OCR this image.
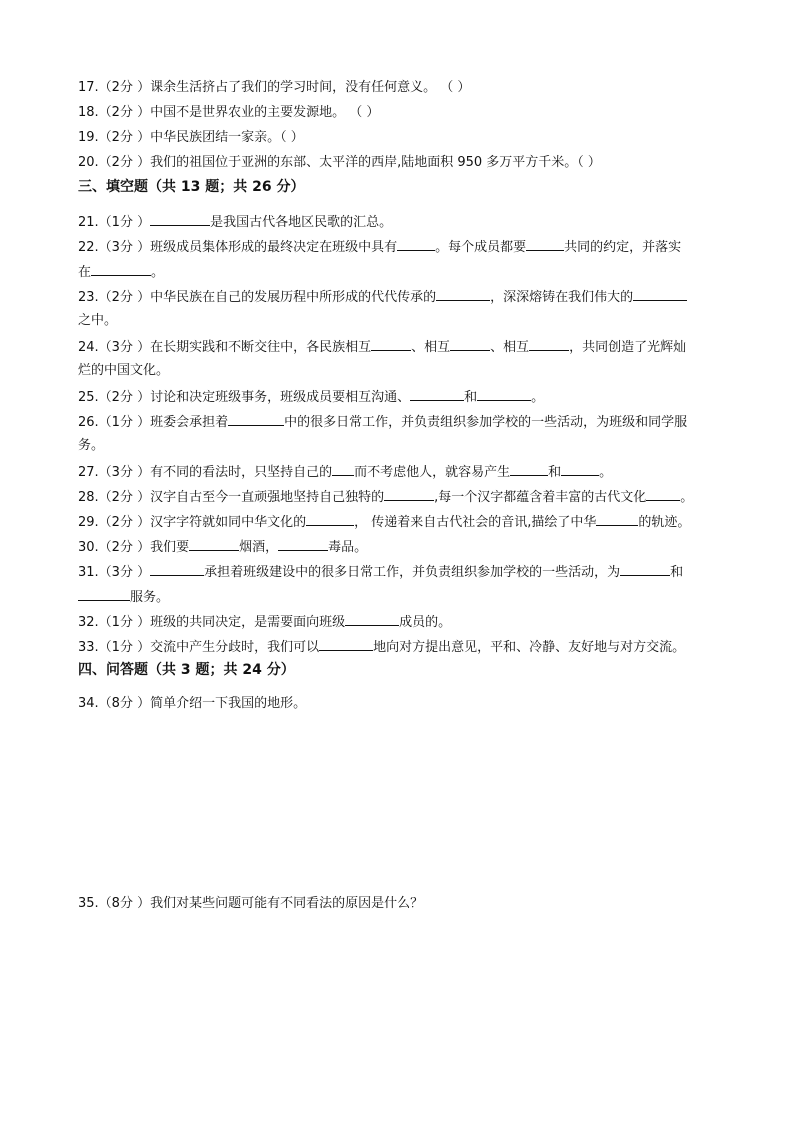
17.（2分 ）课余生活挤占了我们的学习时间，没有任何意义。 （ ）
18.（2分 ）中国不是世界农业的主要发源地。 （ ）
19.（2分 ）中华民族团结一家亲。（ ）
20.（2分 ）我们的祖国位于亚洲的东部、太平洋的西岸,陆地面积 950 多万平方千米。（ ）
三、填空题（共 13 题；共 26 分）
21.（1分 ）	是我国古代各地区民歌的汇总。
22.（3分 ）班级成员集体形成的最终决定在班级中具有	。每个成员都要	共同的约定，并落实
在	。
23.（2分 ）中华民族在自己的发展历程中所形成的代代传承的	，深深熔铸在我们伟大的
之中。
24.（3分 ）在长期实践和不断交往中，各民族相互	、相互	、相互	，共同创造了光辉灿
烂的中国文化。
25.（2分 ）讨论和决定班级事务，班级成员要相互沟通、	和	。
26.（1分 ）班委会承担着	中的很多日常工作，并负责组织参加学校的一些活动，为班级和同学服
务。
27.（3分 ）有不同的看法时，只坚持自己的 而不考虑他人，就容易产生	和	。
28.（2分 ）汉字自古至今一直顽强地坚持自己独特的	,每一个汉字都蕴含着丰富的古代文化	。
29.（2分 ）汉字字符就如同中华文化的	， 传递着来自古代社会的音讯,描绘了中华	的轨迹。
30.（2分 ）我们要	烟酒，	毒品。
31.（3分 ）	承担着班级建设中的很多日常工作，并负责组织参加学校的一些活动，为	和
服务。
32.（1分 ）班级的共同决定，是需要面向班级	成员的。
33.（1分 ）交流中产生分歧时，我们可以	地向对方提出意见，平和、冷静、友好地与对方交流。
四、问答题（共 3 题；共 24 分）
34.（8分 ）简单介绍一下我国的地形。
35.（8分 ）我们对某些问题可能有不同看法的原因是什么？
